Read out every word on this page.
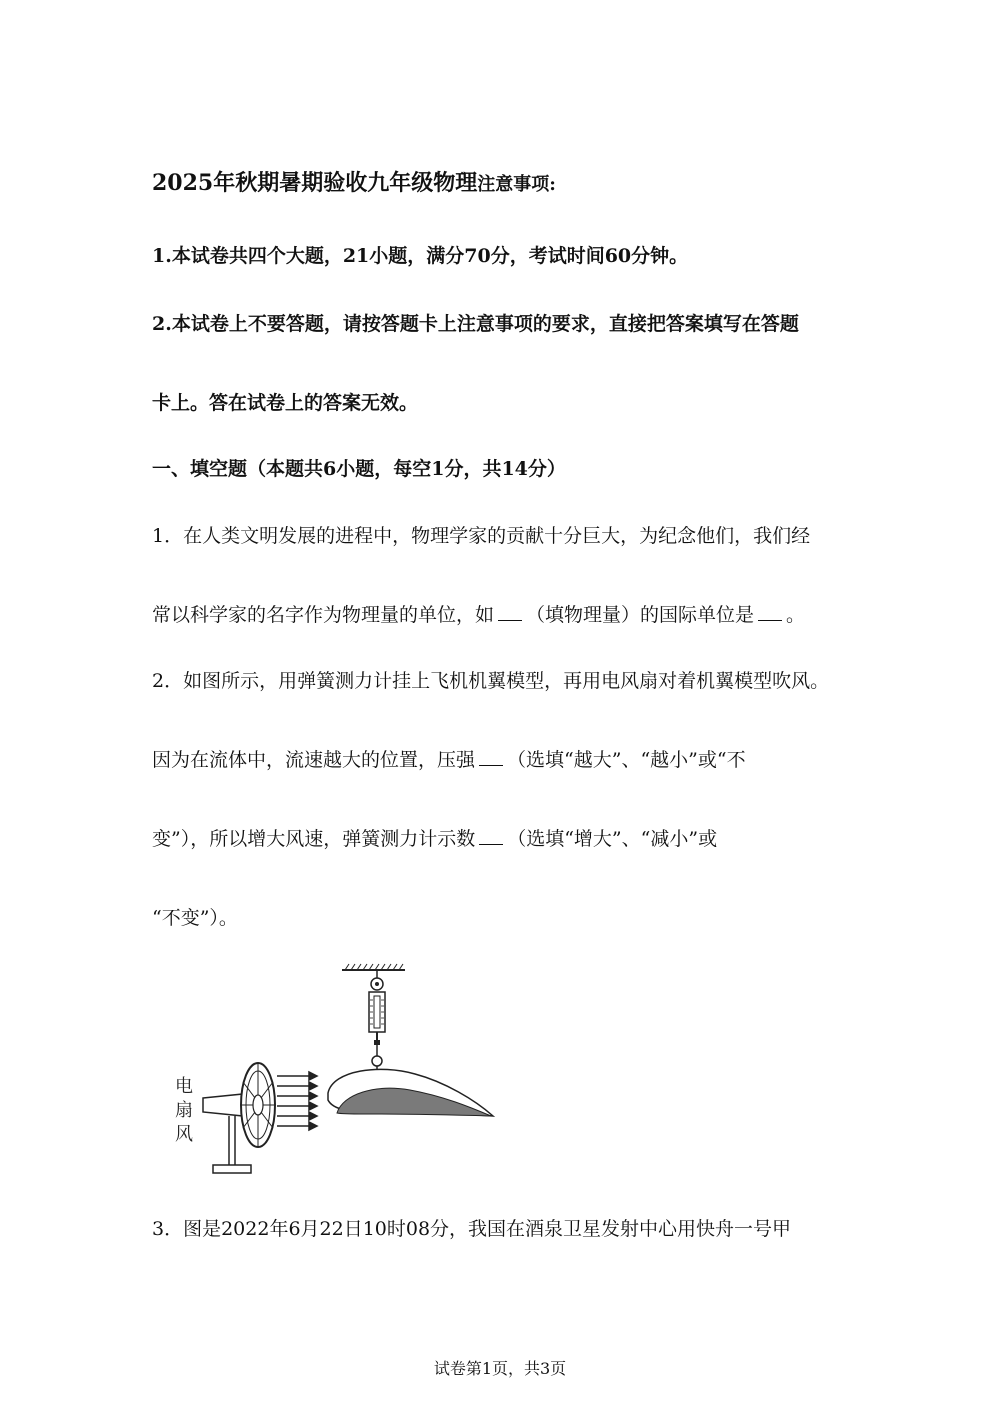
2025年秋期暑期验收九年级物理注意事项:
1.本试卷共四个大题，21小题，满分70分，考试时间60分钟。
2.本试卷上不要答题，请按答题卡上注意事项的要求，直接把答案填写在答题
卡上。答在试卷上的答案无效。
一、填空题（本题共6小题，每空1分，共14分）
1．在人类文明发展的进程中，物理学家的贡献十分巨大，为纪念他们，我们经
常以科学家的名字作为物理量的单位，如 （填物理量）的国际单位是 。
2．如图所示，用弹簧测力计挂上飞机机翼模型，再用电风扇对着机翼模型吹风。
因为在流体中，流速越大的位置，压强 （选填“越大”、“越小”或“不
变”），所以增大风速，弹簧测力计示数 （选填“增大”、“减小”或
“不变”）。
电
扇
风
3．图是2022年6月22日10时08分，我国在酒泉卫星发射中心用快舟一号甲
试卷第1页，共3页
